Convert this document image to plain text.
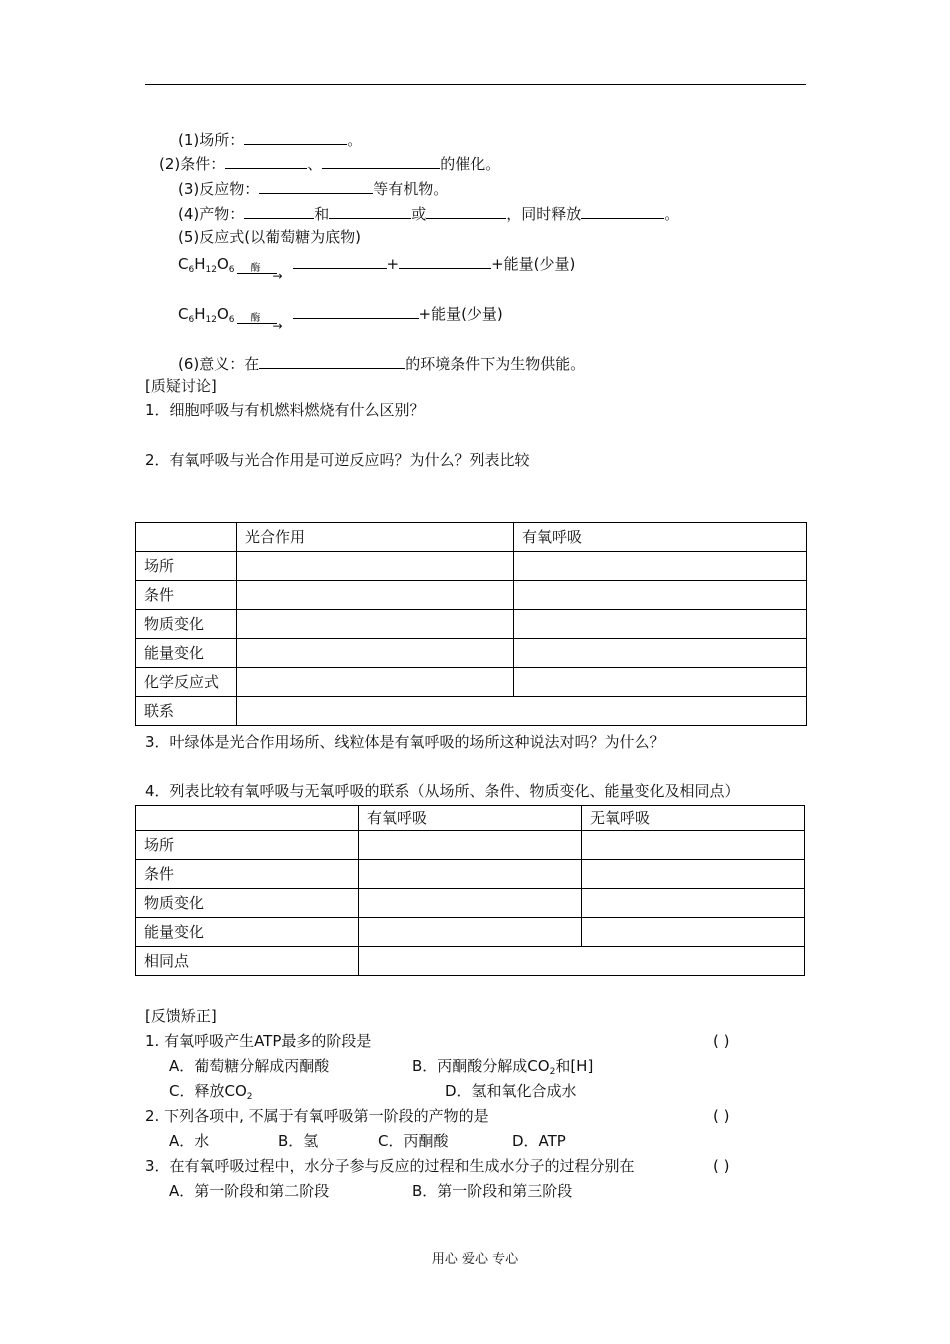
(1)场所：	。
(2)条件：	、	的催化。
(3)反应物：	等有机物。
(4)产物：	和	或	，同时释放	。
(5)反应式(以葡萄糖为底物)
$C_6H_{12}O_6$ 酶
→
+	+能量(少量)
$C_6H_{12}O_6$ 酶
→
+能量(少量)
(6)意义：在	的环境条件下为生物供能。
[质疑讨论]
1．细胞呼吸与有机燃料燃烧有什么区别？
2．有氧呼吸与光合作用是可逆反应吗？为什么？列表比较
	光合作用	有氧呼吸
场所		
条件		
物质变化		
能量变化		
化学反应式		
联系		
3．叶绿体是光合作用场所、线粒体是有氧呼吸的场所这种说法对吗？为什么？
4．列表比较有氧呼吸与无氧呼吸的联系（从场所、条件、物质变化、能量变化及相同点）
	有氧呼吸	无氧呼吸
场所		
条件		
物质变化		
能量变化		
相同点		
[反馈矫正]
1. 有氧呼吸产生ATP最多的阶段是	( )
A．葡萄糖分解成丙酮酸	B．丙酮酸分解成$CO_2$和[H]
C．释放$CO_2$	D．氢和氧化合成水
2. 下列各项中, 不属于有氧呼吸第一阶段的产物的是	( )
A．水	B．氢	C．丙酮酸	D．ATP
3．在有氧呼吸过程中，水分子参与反应的过程和生成水分子的过程分别在	( )
A．第一阶段和第二阶段	B．第一阶段和第三阶段
用心 爱心 专心
